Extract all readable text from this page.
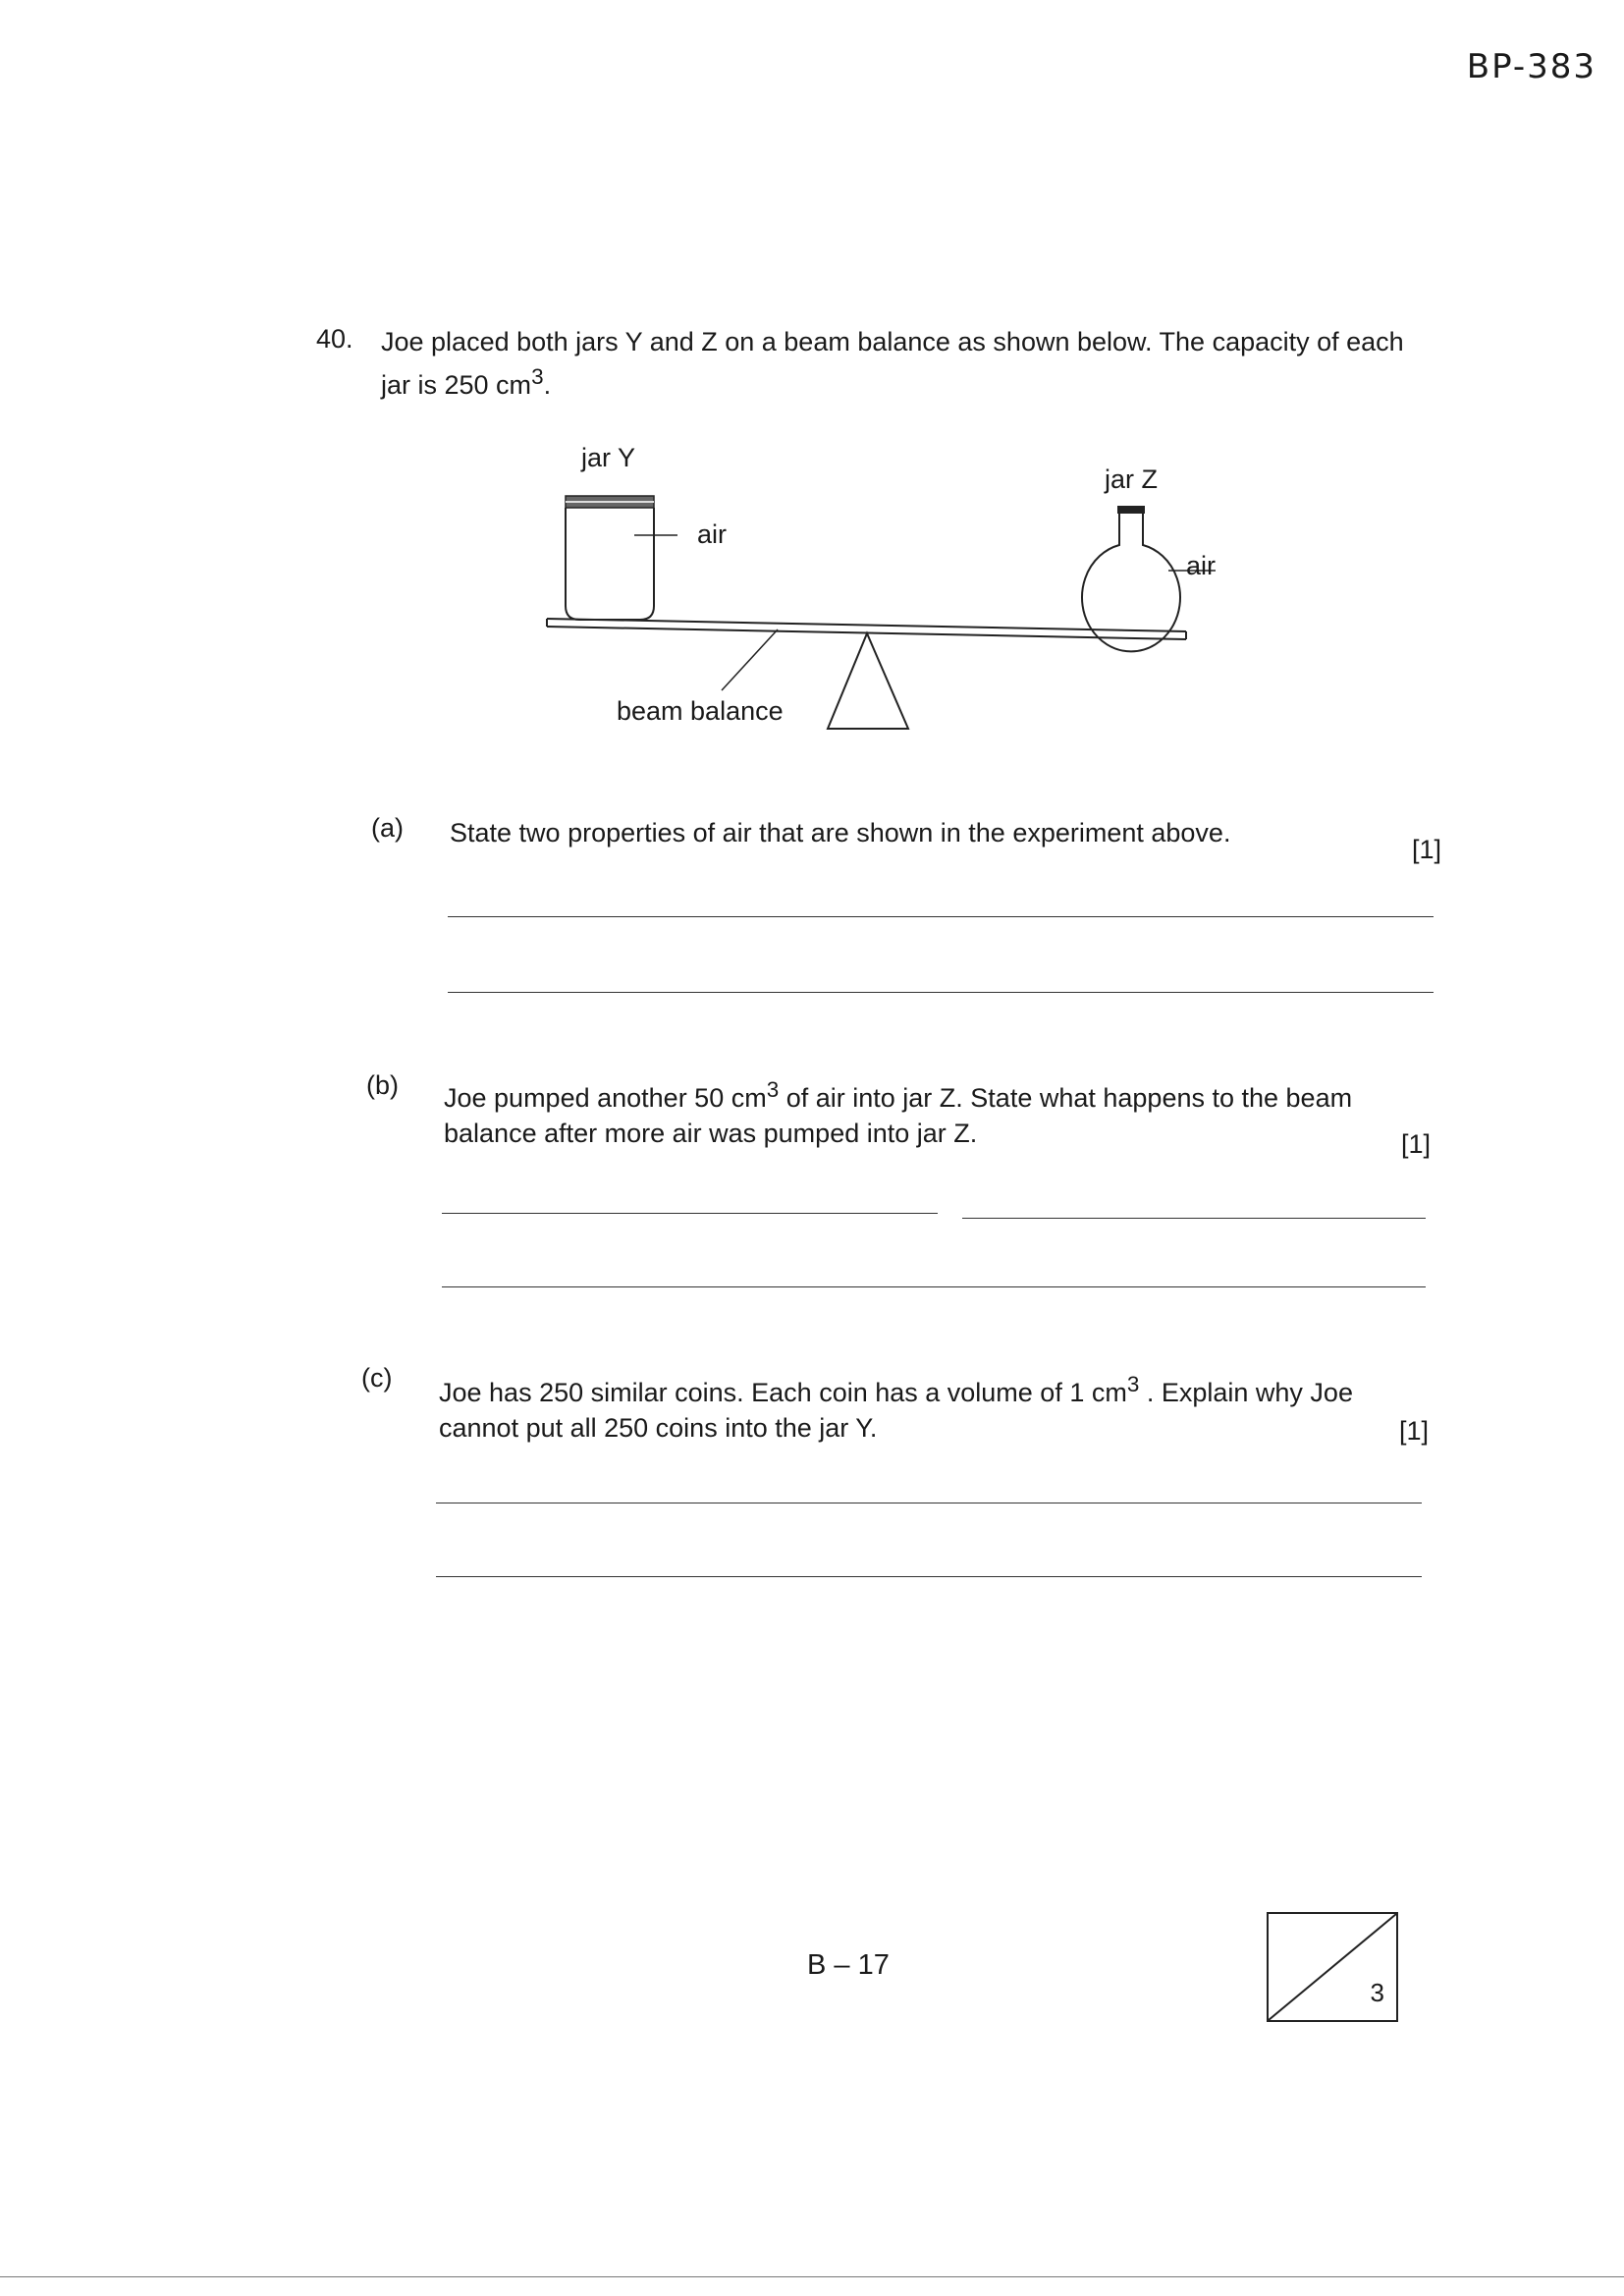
BP-383
40. Joe placed both jars Y and Z on a beam balance as shown below. The capacity of each jar is 250 $cm^3$.
jar Y
jar Z
air
air
beam balance
(a) State two properties of air that are shown in the experiment above.
[1]
(b) Joe pumped another 50 $cm^3$ of air into jar Z. State what happens to the beam balance after more air was pumped into jar Z.	[1]
(c) Joe has 250 similar coins. Each coin has a volume of 1 $cm^3$ . Explain why Joe cannot put all 250 coins into the jar Y.	[1]
B – 17
3
